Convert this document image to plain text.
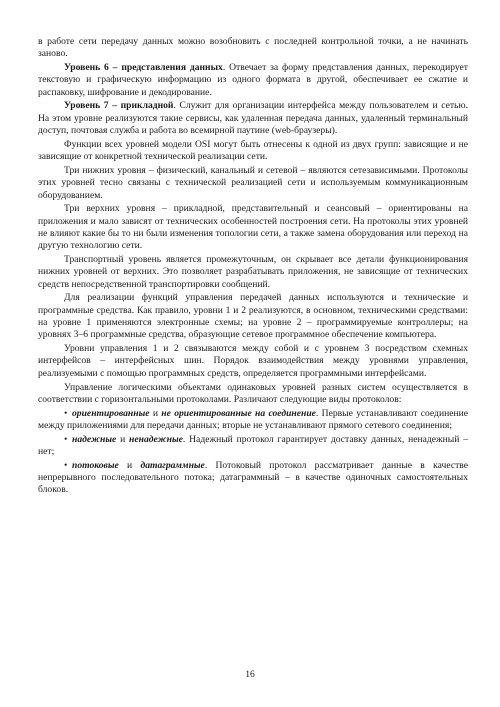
в работе сети передачу данных можно возобновить с последней контрольной точки, а не начинать заново.

Уровень 6 – представления данных. Отвечает за форму представления данных, перекодирует текстовую и графическую информацию из одного формата в другой, обеспечивает ее сжатие и распаковку, шифрование и декодирование.

Уровень 7 – прикладной. Служит для организации интерфейса между пользователем и сетью. На этом уровне реализуются такие сервисы, как удаленная передача данных, удаленный терминальный доступ, почтовая служба и работа во всемирной паутине (web-браузеры).

Функции всех уровней модели OSI могут быть отнесены к одной из двух групп: зависящие и не зависящие от конкретной технической реализации сети.

Три нижних уровня – физический, канальный и сетевой – являются сетезависимыми. Протоколы этих уровней тесно связаны с технической реализацией сети и используемым коммуникационным оборудованием.

Три верхних уровня – прикладной, представительный и сеансовый – ориентированы на приложения и мало зависят от технических особенностей построения сети. На протоколы этих уровней не влияют какие бы то ни были изменения топологии сети, а также замена оборудования или переход на другую технологию сети.

Транспортный уровень является промежуточным, он скрывает все детали функционирования нижних уровней от верхних. Это позволяет разрабатывать приложения, не зависящие от технических средств непосредственной транспортировки сообщений.

Для реализации функций управления передачей данных используются и технические и программные средства. Как правило, уровни 1 и 2 реализуются, в основном, техническими средствами: на уровне 1 применяются электронные схемы; на уровне 2 – программируемые контроллеры; на уровнях 3–6 программные средства, образующие сетевое программное обеспечение компьютера.

Уровни управления 1 и 2 связываются между собой и с уровнем 3 посредством схемных интерфейсов – интерфейсных шин. Порядок взаимодействия между уровнями управления, реализуемыми с помощью программных средств, определяется программными интерфейсами.

Управление логическими объектами одинаковых уровней разных систем осуществляется в соответствии с горизонтальными протоколами. Различают следующие виды протоколов:

• ориентированные и не ориентированные на соединение. Первые устанавливают соединение между приложениями для передачи данных; вторые не устанавливают прямого сетевого соединения;

• надежные и ненадежные. Надежный протокол гарантирует доставку данных, ненадежный – нет;

• потоковые и датаграммные. Потоковый протокол рассматривает данные в качестве непрерывного последовательного потока; датаграммный – в качестве одиночных самостоятельных блоков.

16
